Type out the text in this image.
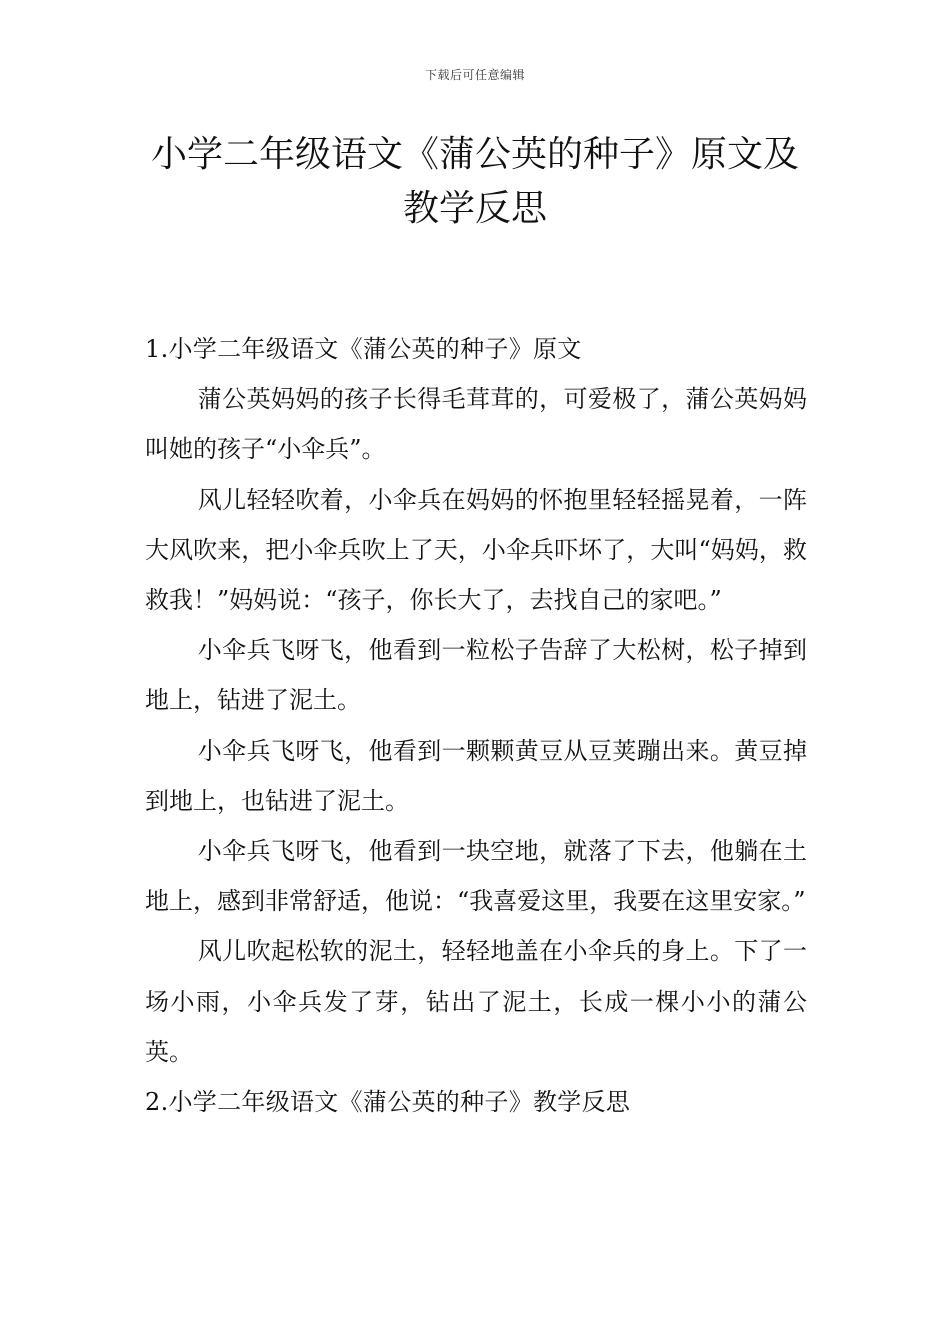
下载后可任意编辑
小学二年级语文《蒲公英的种子》原文及
教学反思

1.小学二年级语文《蒲公英的种子》原文

蒲公英妈妈的孩子长得毛茸茸的，可爱极了，蒲公英妈妈叫她的孩子“小伞兵”。

风儿轻轻吹着，小伞兵在妈妈的怀抱里轻轻摇晃着，一阵大风吹来，把小伞兵吹上了天，小伞兵吓坏了，大叫“妈妈，救救我！”妈妈说：“孩子，你长大了，去找自己的家吧。”

小伞兵飞呀飞，他看到一粒松子告辞了大松树，松子掉到地上，钻进了泥土。

小伞兵飞呀飞，他看到一颗颗黄豆从豆荚蹦出来。黄豆掉到地上，也钻进了泥土。

小伞兵飞呀飞，他看到一块空地，就落了下去，他躺在土地上，感到非常舒适，他说：“我喜爱这里，我要在这里安家。”

风儿吹起松软的泥土，轻轻地盖在小伞兵的身上。下了一场小雨，小伞兵发了芽，钻出了泥土，长成一棵小小的蒲公英。

2.小学二年级语文《蒲公英的种子》教学反思
